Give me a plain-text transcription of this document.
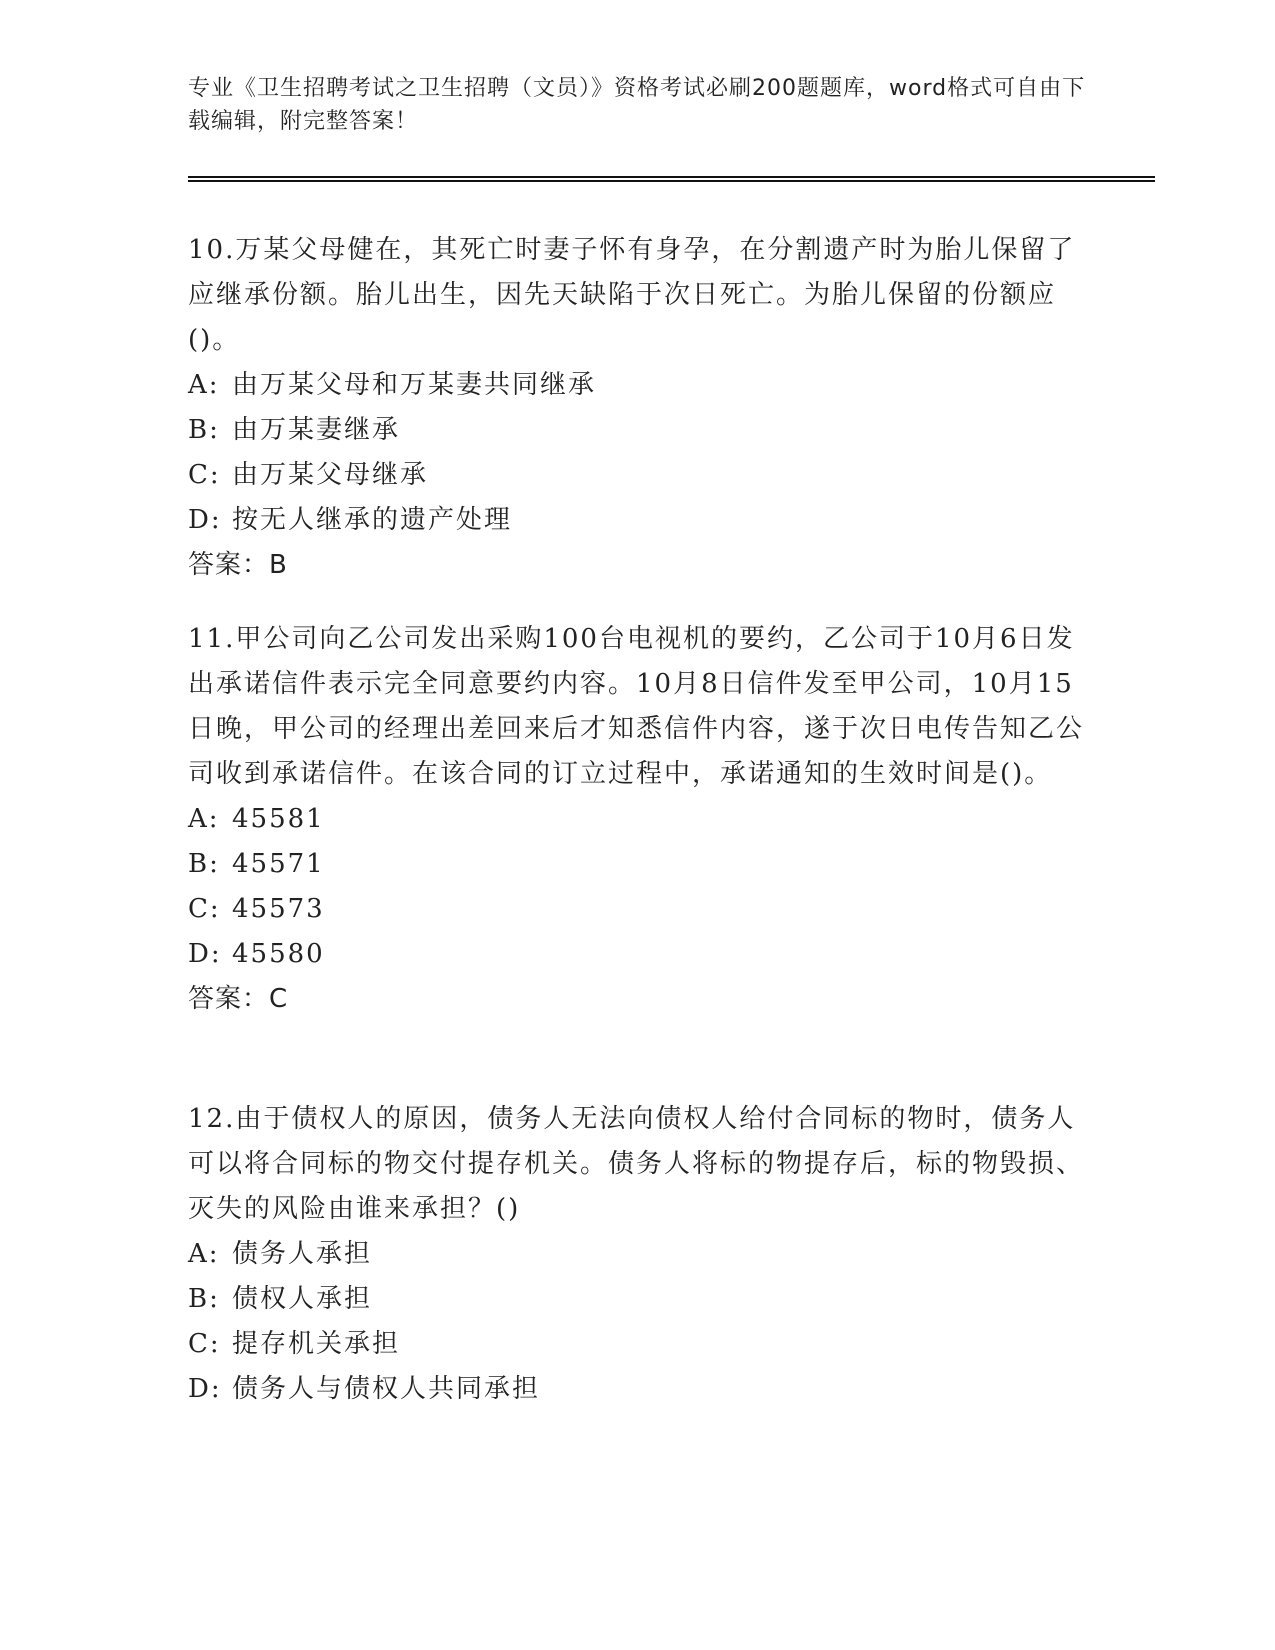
专业《卫生招聘考试之卫生招聘（文员）》资格考试必刷200题题库，word格式可自由下载编辑，附完整答案！
10.万某父母健在，其死亡时妻子怀有身孕，在分割遗产时为胎儿保留了应继承份额。胎儿出生，因先天缺陷于次日死亡。为胎儿保留的份额应()。
A: 由万某父母和万某妻共同继承
B: 由万某妻继承
C: 由万某父母继承
D: 按无人继承的遗产处理
答案：B
11.甲公司向乙公司发出采购100台电视机的要约，乙公司于10月6日发出承诺信件表示完全同意要约内容。10月8日信件发至甲公司，10月15日晚，甲公司的经理出差回来后才知悉信件内容，遂于次日电传告知乙公司收到承诺信件。在该合同的订立过程中，承诺通知的生效时间是()。
A: 45581
B: 45571
C: 45573
D: 45580
答案：C
12.由于债权人的原因，债务人无法向债权人给付合同标的物时，债务人可以将合同标的物交付提存机关。债务人将标的物提存后，标的物毁损、灭失的风险由谁来承担？()
A: 债务人承担
B: 债权人承担
C: 提存机关承担
D: 债务人与债权人共同承担
